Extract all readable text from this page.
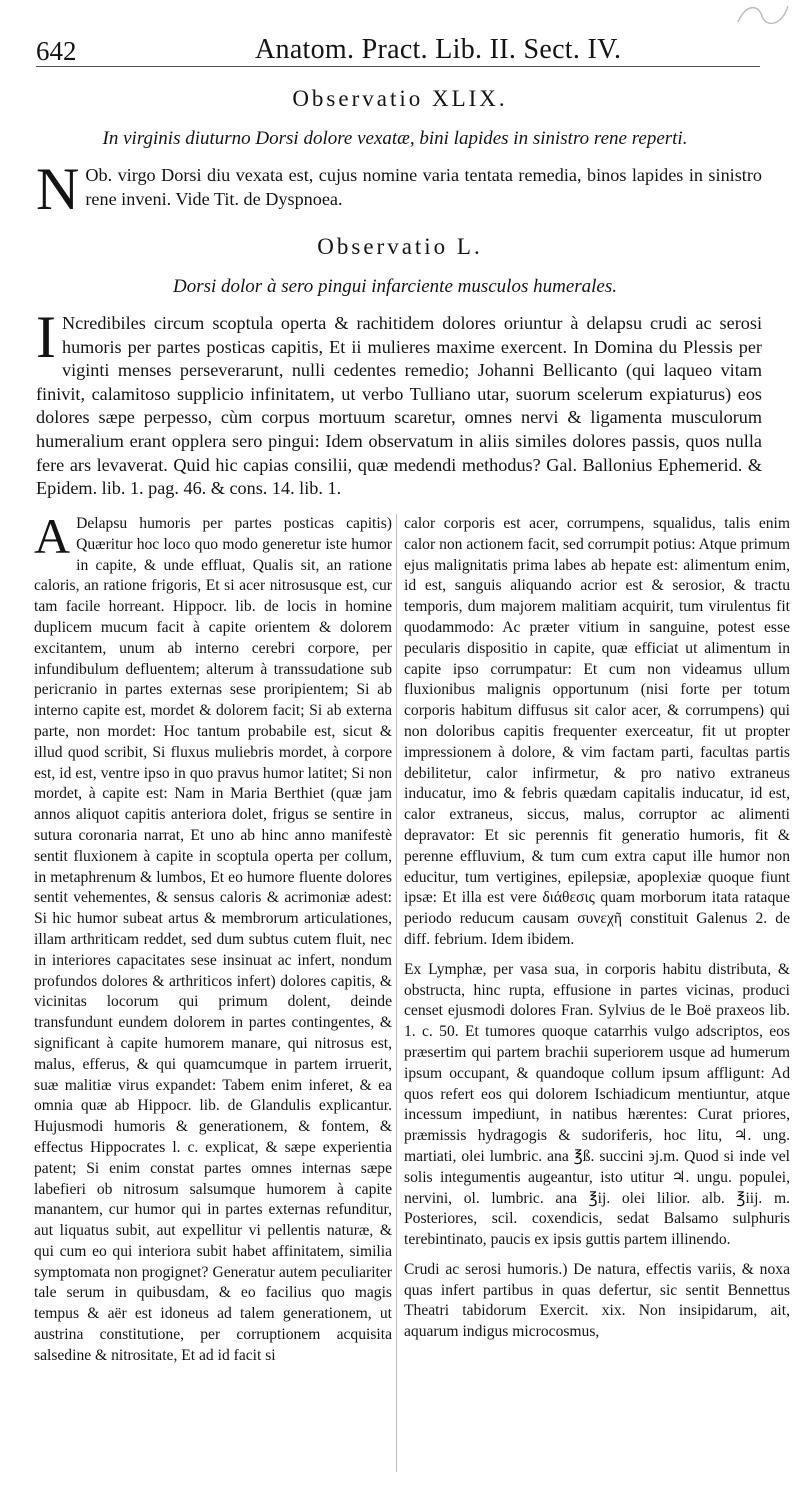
642	Anatom. Pract. Lib. II. Sect. IV.
Observatio XLIX.
In virginis diuturno Dorsi dolore vexatæ, bini lapides in sinistro rene reperti.

N Ob. virgo Dorsi diu vexata est, cujus nomine varia tentata remedia, binos lapides in sinistro rene inveni. Vide Tit. de Dyspnoea.

Observatio L.
Dorsi dolor à sero pingui infarciente musculos humerales.

I Ncredibiles circum scoptula operta & rachitidem dolores oriuntur à delapsu crudi ac serosi humoris per partes posticas capitis, Et ii mulieres maxime exercent. In Domina du Plessis per viginti menses perseverarunt, nulli cedentes remedio; Johanni Bellicanto (qui laqueo vitam finivit, calamitoso supplicio infinitatem, ut verbo Tulliano utar, suorum scelerum expiaturus) eos dolores sæpe perpesso, cùm corpus mortuum scaretur, omnes nervi & ligamenta musculorum humeralium erant opplera sero pingui: Idem observatum in aliis similes dolores passis, quos nulla fere ars levaverat. Quid hic capias consilii, quæ medendi methodus? Gal. Ballonius Ephemerid. & Epidem. lib. 1. pag. 46. & cons. 14. lib. 1.

A Delapsu humoris per partes posticas capitis) Quæritur hoc loco quo modo generetur iste humor in capite, & unde effluat, Qualis sit, an ratione caloris, an ratione frigoris, Et si acer nitrosusque est, cur tam facile horreant. Hippocr. lib. de locis in homine duplicem mucum facit à capite orientem & dolorem excitantem, unum ab interno cerebri corpore, per infundibulum defluentem; alterum à transsudatione sub pericranio in partes externas sese proripientem; Si ab interno capite est, mordet & dolorem facit; Si ab externa parte, non mordet: Hoc tantum probabile est, sicut & illud quod scribit, Si fluxus muliebris mordet, à corpore est, id est, ventre ipso in quo pravus humor latitet; Si non mordet, à capite est: Nam in Maria Berthiet (quæ jam annos aliquot capitis anteriora dolet, frigus se sentire in sutura coronaria narrat, Et uno ab hinc anno manifestè sentit fluxionem à capite in scoptula operta per collum, in metaphrenum & lumbos, Et eo humore fluente dolores sentit vehementes, & sensus caloris & acrimoniæ adest: Si hic humor subeat artus & membrorum articulationes, illam arthriticam reddet, sed dum subtus cutem fluit, nec in interiores capacitates sese insinuat ac infert, nondum profundos dolores & arthriticos infert) dolores capitis, & vicinitas locorum qui primum dolent, deinde transfundunt eundem dolorem in partes contingentes, & significant à capite humorem manare, qui nitrosus est, malus, efferus, & qui quamcumque in partem irruerit, suæ malitiæ virus expandet: Tabem enim inferet, & ea omnia quæ ab Hippocr. lib. de Glandulis explicantur. Hujusmodi humoris & generationem, & fontem, & effectus Hippocrates l. c. explicat, & sæpe experientia patent; Si enim constat partes omnes internas sæpe labefieri ob nitrosum salsumque humorem à capite manantem, cur humor qui in partes externas refunditur, aut liquatus subit, aut expellitur vi pellentis naturæ, & qui cum eo qui interiora subit habet affinitatem, similia symptomata non progignet? Generatur autem peculiariter tale serum in quibusdam, & eo facilius quo magis tempus & aër est idoneus ad talem generationem, ut austrina constitutione, per corruptionem acquisita salsedine & nitrositate, Et ad id facit si

calor corporis est acer, corrumpens, squalidus, talis enim calor non actionem facit, sed corrumpit potius: Atque primum ejus malignitatis prima labes ab hepate est: alimentum enim, id est, sanguis aliquando acrior est & serosior, & tractu temporis, dum majorem malitiam acquirit, tum virulentus fit quodammodo: Ac præter vitium in sanguine, potest esse pecularis dispositio in capite, quæ efficiat ut alimentum in capite ipso corrumpatur: Et cum non videamus ullum fluxionibus malignis opportunum (nisi forte per totum corporis habitum diffusus sit calor acer, & corrumpens) qui non doloribus capitis frequenter exerceatur, fit ut propter impressionem à dolore, & vim factam parti, facultas partis debilitetur, calor infirmetur, & pro nativo extraneus inducatur, imo & febris quædam capitalis inducatur, id est, calor extraneus, siccus, malus, corruptor ac alimenti depravator: Et sic perennis fit generatio humoris, fit & perenne effluvium, & tum cum extra caput ille humor non educitur, tum vertigines, epilepsiæ, apoplexiæ quoque fiunt ipsæ: Et illa est vere διάθεσις quam morborum itata rataque periodo reducum causam συνεχῆ constituit Galenus 2. de diff. febrium. Idem ibidem.

Ex Lymphæ, per vasa sua, in corporis habitu distributa, & obstructa, hinc rupta, effusione in partes vicinas, produci censet ejusmodi dolores Fran. Sylvius de le Boë praxeos lib. 1. c. 50. Et tumores quoque catarrhis vulgo adscriptos, eos præsertim qui partem brachii superiorem usque ad humerum ipsum occupant, & quandoque collum ipsum affligunt: Ad quos refert eos qui dolorem Ischiadicum mentiuntur, atque incessum impediunt, in natibus hærentes: Curat priores, præmissis hydragogis & sudoriferis, hoc litu, ♃. ung. martiati, olei lumbric. ana ℥ß. succini ϶j.m. Quod si inde vel solis integumentis augeantur, isto utitur ♃. ungu. populei, nervini, ol. lumbric. ana ℥ij. olei lilior. alb. ℥iij. m. Posteriores, scil. coxendicis, sedat Balsamo sulphuris terebintinato, paucis ex ipsis guttis partem illinendo.

Crudi ac serosi humoris.) De natura, effectis variis, & noxa quas infert partibus in quas defertur, sic sentit Bennettus Theatri tabidorum Exercit. xix. Non insipidarum, ait, aquarum indigus microcosmus,
